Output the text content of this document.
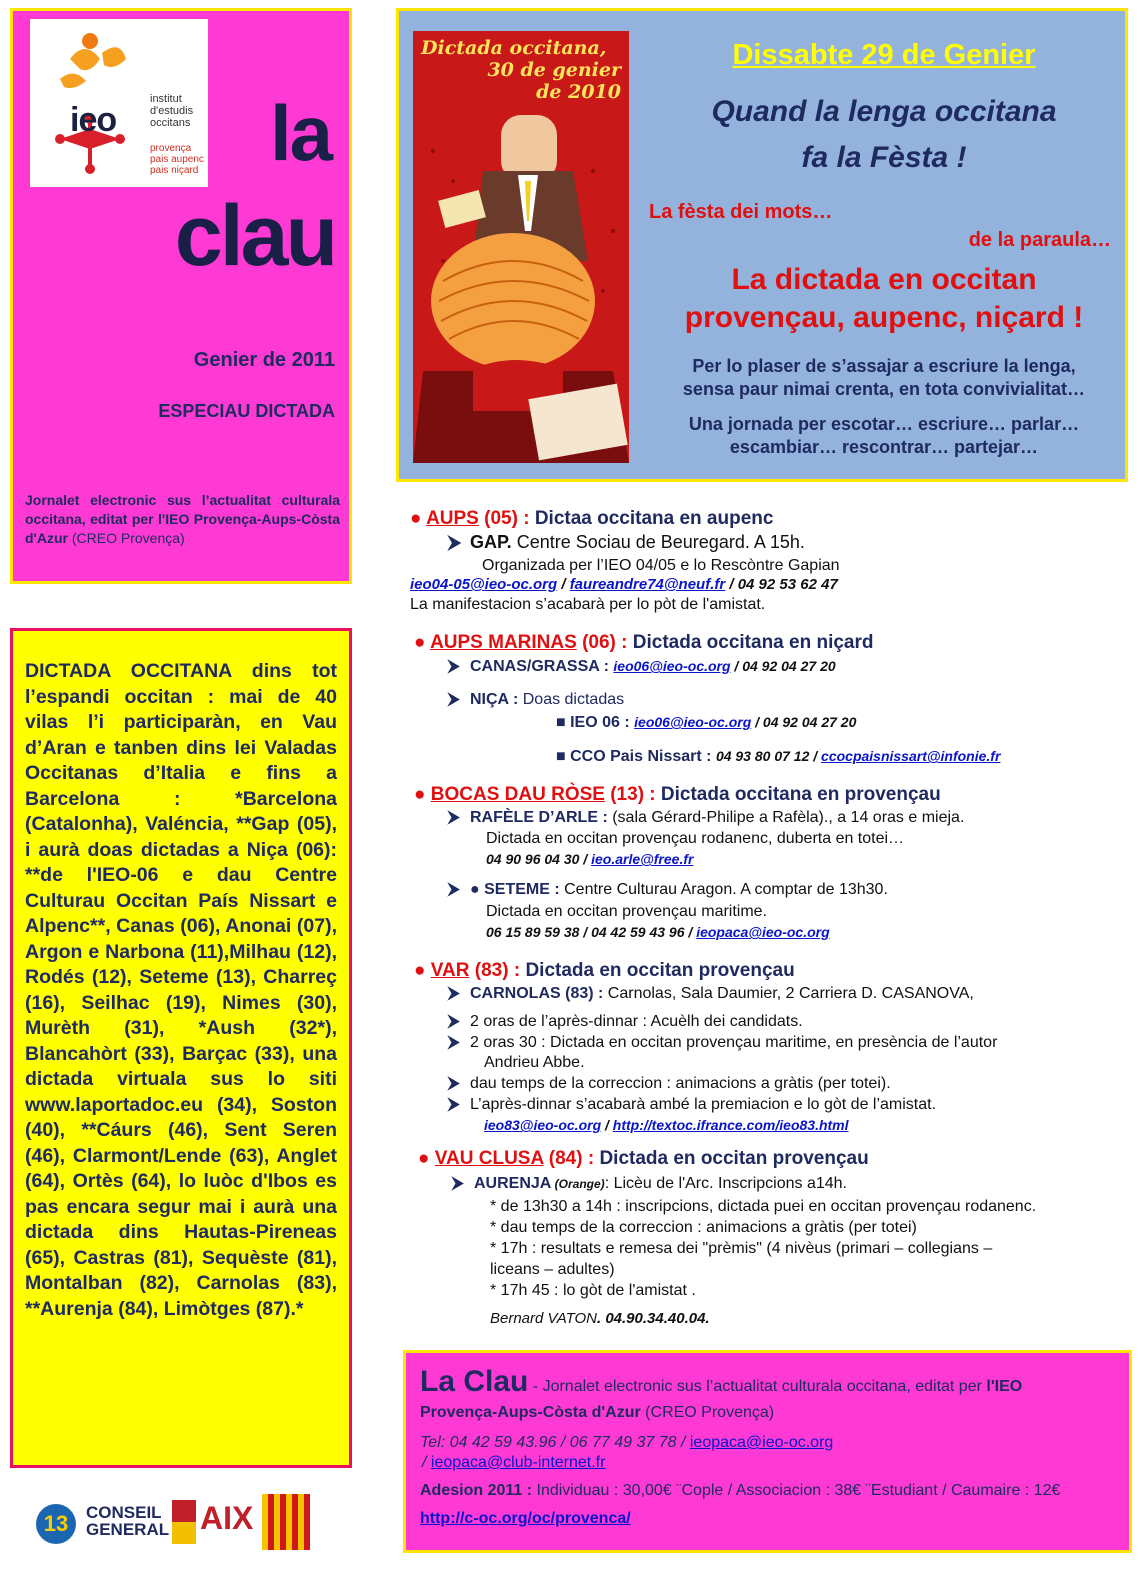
ieo
institut
d'estudis
occitans
provença
pais aupenc
pais niçard la
clau
Genier de 2011
ESPECIAU DICTADA
Jornalet electronic sus l’actualitat culturala occitana, editat per l'IEO Provença-Aups-Còsta d'Azur (CREO Provença)

DICTADA OCCITANA dins tot l’espandi occitan : mai de 40 vilas l’i participaràn, en Vau d’Aran e tanben dins lei Valadas Occitanas d’Italia e fins a Barcelona : *Barcelona (Catalonha), Valéncia, **Gap (05), i aurà doas dictadas a Niça (06): **de l'IEO-06 e dau Centre Culturau Occitan País Nissart e Alpenc**, Canas (06), Anonai (07), Argon e Narbona (11),Milhau (12), Rodés (12), Seteme (13), Charreç (16), Seilhac (19), Nimes (30), Murèth (31), *Aush (32*), Blancahòrt (33), Barçac (33), una dictada virtuala sus lo siti www.laportadoc.eu (34), Soston (40), **Cáurs (46), Sent Seren (46), Clarmont/Lende (63), Anglet (64), Ortès (64), lo luòc d'Ibos es pas encara segur mai i aurà una dictada dins Hautas-Pireneas (65), Castras (81), Sequèste (81), Montalban (82), Carnolas (83), **Aurenja (84), Limòtges (87).*

13	CONSEIL
GENERAL AIX
Dictada occitana,
30 de genier
de 2010
Dissabte 29 de Genier
Quand la lenga occitana
fa la Fèsta !
La fèsta dei mots…
de la paraula…
La dictada en occitan
provençau, aupenc, niçard !
Per lo plaser de s’assajar a escriure la lenga,
sensa paur nimai crenta, en tota convivialitat…
Una jornada per escotar… escriure… parlar…
escambiar… rescontrar… partejar…
● AUPS (05) : Dictaa occitana en aupenc
⮞GAP. Centre Sociau de Beuregard. A 15h.
Organizada per l’IEO 04/05 e lo Rescòntre Gapian
ieo04-05@ieo-oc.org / faureandre74@neuf.fr / 04 92 53 62 47
La manifestacion s’acabarà per lo pòt de l'amistat.
● AUPS MARINAS (06) : Dictada occitana en niçard
⮞CANAS/GRASSA : ieo06@ieo-oc.org / 04 92 04 27 20
⮞NIÇA : Doas dictadas
■ IEO 06 : ieo06@ieo-oc.org / 04 92 04 27 20
■ CCO Pais Nissart : 04 93 80 07 12 / ccocpaisnissart@infonie.fr
● BOCAS DAU RÒSE (13) : Dictada occitana en provençau
⮞RAFÈLE D’ARLE : (sala Gérard-Philipe a Rafèla)., a 14 oras e mieja.
Dictada en occitan provençau rodanenc, duberta en totei…
04 90 96 04 30 / ieo.arle@free.fr
⮞● SETEME : Centre Culturau Aragon. A comptar de 13h30.
Dictada en occitan provençau maritime.
06 15 89 59 38 / 04 42 59 43 96 / ieopaca@ieo-oc.org
● VAR (83) : Dictada en occitan provençau
⮞CARNOLAS (83) : Carnolas, Sala Daumier, 2 Carriera D. CASANOVA,
⮞2 oras de l’après-dinnar : Acuèlh dei candidats.
⮞2 oras 30 : Dictada en occitan provençau maritime, en presència de l’autor
Andrieu Abbe.
⮞dau temps de la correccion : animacions a gràtis (per totei).
⮞L’après-dinnar s’acabarà ambé la premiacion e lo gòt de l’amistat.
ieo83@ieo-oc.org / http://textoc.ifrance.com/ieo83.html
● VAU CLUSA (84) : Dictada en occitan provençau
⮞AURENJA (Orange): Licèu de l'Arc. Inscripcions a14h.
* de 13h30 a 14h : inscripcions, dictada puei en occitan provençau rodanenc.
* dau temps de la correccion : animacions a gràtis (per totei)
* 17h : resultats e remesa dei "prèmis" (4 nivèus (primari – collegians –
liceans – adultes)
* 17h 45 : lo gòt de l'amistat .
Bernard VATON. 04.90.34.40.04.
La Clau - Jornalet electronic sus l’actualitat culturala occitana, editat per l'IEO
Provença-Aups-Còsta d'Azur (CREO Provença)
Tel: 04 42 59 43.96 / 06 77 49 37 78 / ieopaca@ieo-oc.org
/ ieopaca@club-internet.fr
Adesion 2011 : Individuau : 30,00€ ¨Cople / Associacion : 38€ ¨Estudiant / Caumaire : 12€
http://c-oc.org/oc/provenca/
